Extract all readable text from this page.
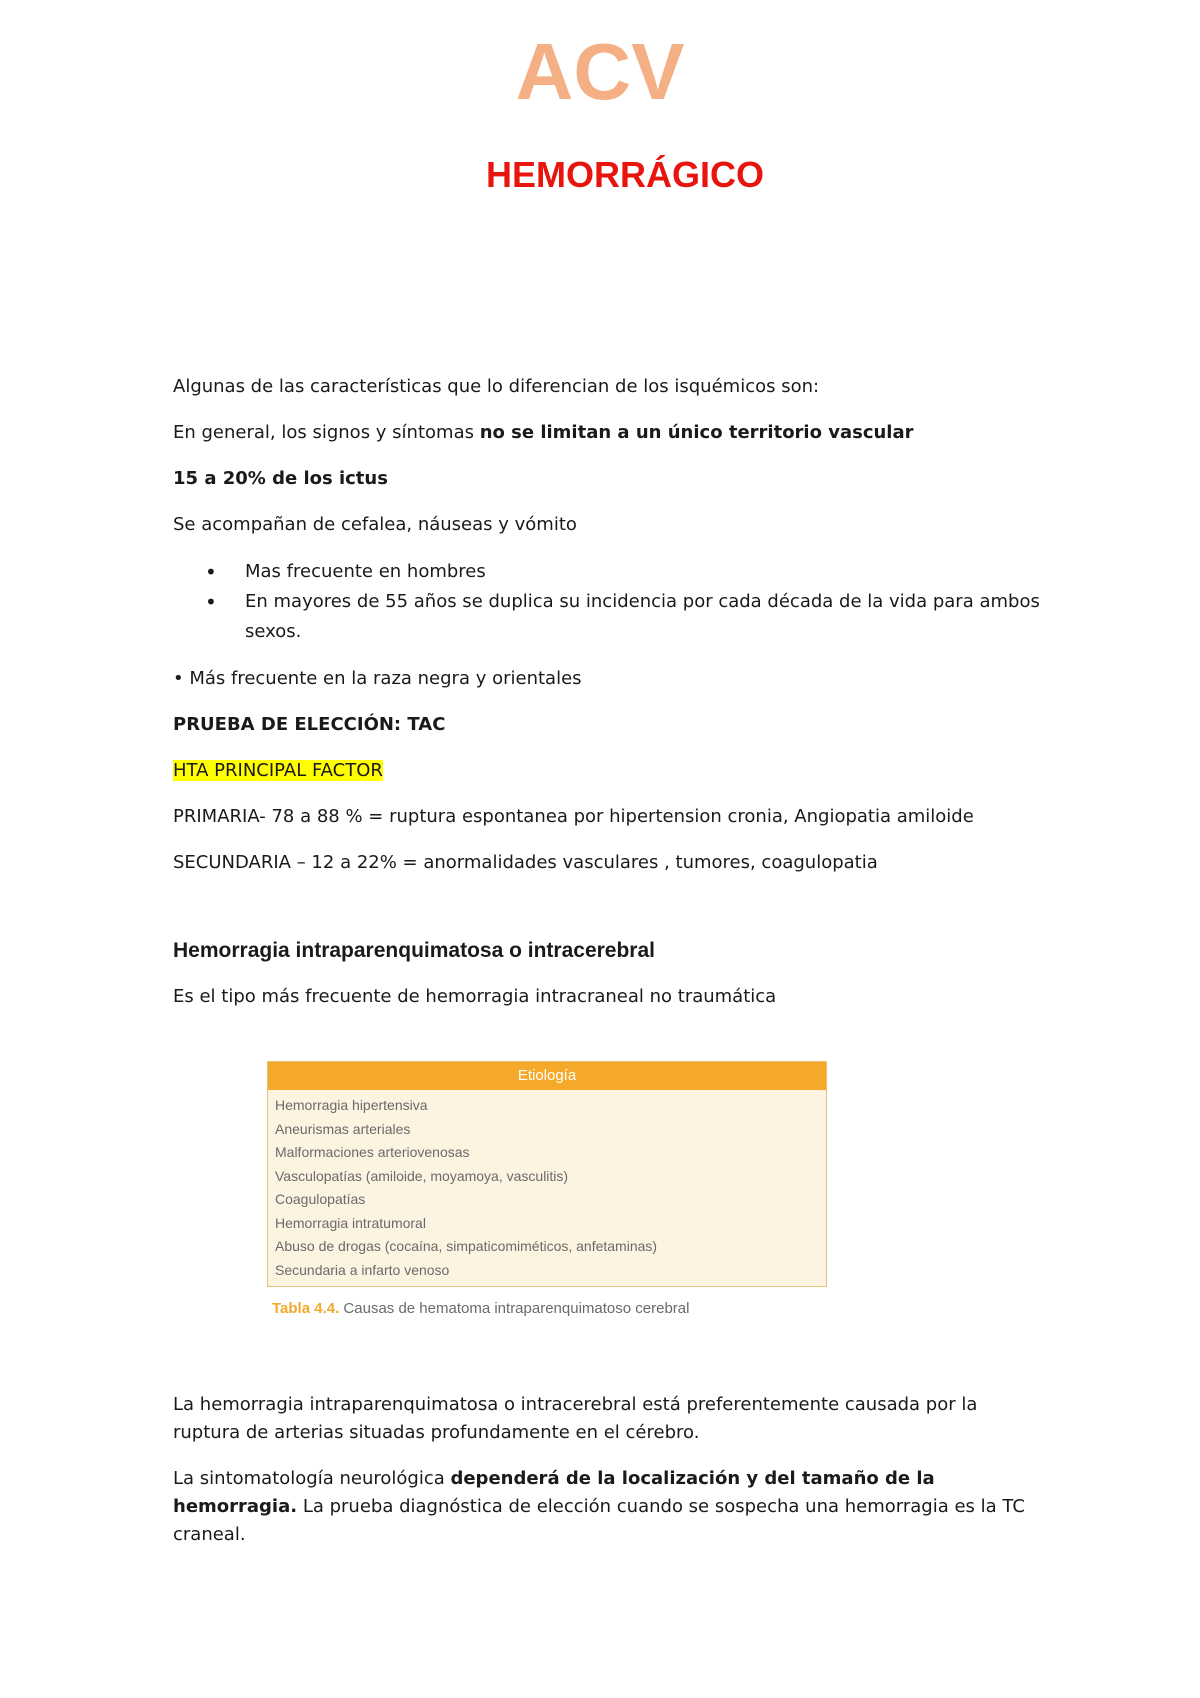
ACV
HEMORRÁGICO

Algunas de las características que lo diferencian de los isquémicos son:

En general, los signos y síntomas no se limitan a un único territorio vascular

15 a 20% de los ictus

Se acompañan de cefalea, náuseas y vómito

• Mas frecuente en hombres
• En mayores de 55 años se duplica su incidencia por cada década de la vida para ambos sexos.

• Más frecuente en la raza negra y orientales

PRUEBA DE ELECCIÓN: TAC

HTA PRINCIPAL FACTOR

PRIMARIA- 78 a 88 % = ruptura espontanea por hipertension cronia, Angiopatia amiloide

SECUNDARIA – 12 a 22% = anormalidades vasculares , tumores, coagulopatia

Hemorragia intraparenquimatosa o intracerebral

Es el tipo más frecuente de hemorragia intracraneal no traumática

Etiología
Hemorragia hipertensiva
Aneurismas arteriales
Malformaciones arteriovenosas
Vasculopatías (amiloide, moyamoya, vasculitis)
Coagulopatías
Hemorragia intratumoral
Abuso de drogas (cocaína, simpaticomiméticos, anfetaminas)
Secundaria a infarto venoso
Tabla 4.4. Causas de hematoma intraparenquimatoso cerebral

La hemorragia intraparenquimatosa o intracerebral está preferentemente causada por la ruptura de arterias situadas profundamente en el cérebro.

La sintomatología neurológica dependerá de la localización y del tamaño de la hemorragia. La prueba diagnóstica de elección cuando se sospecha una hemorragia es la TC craneal.
